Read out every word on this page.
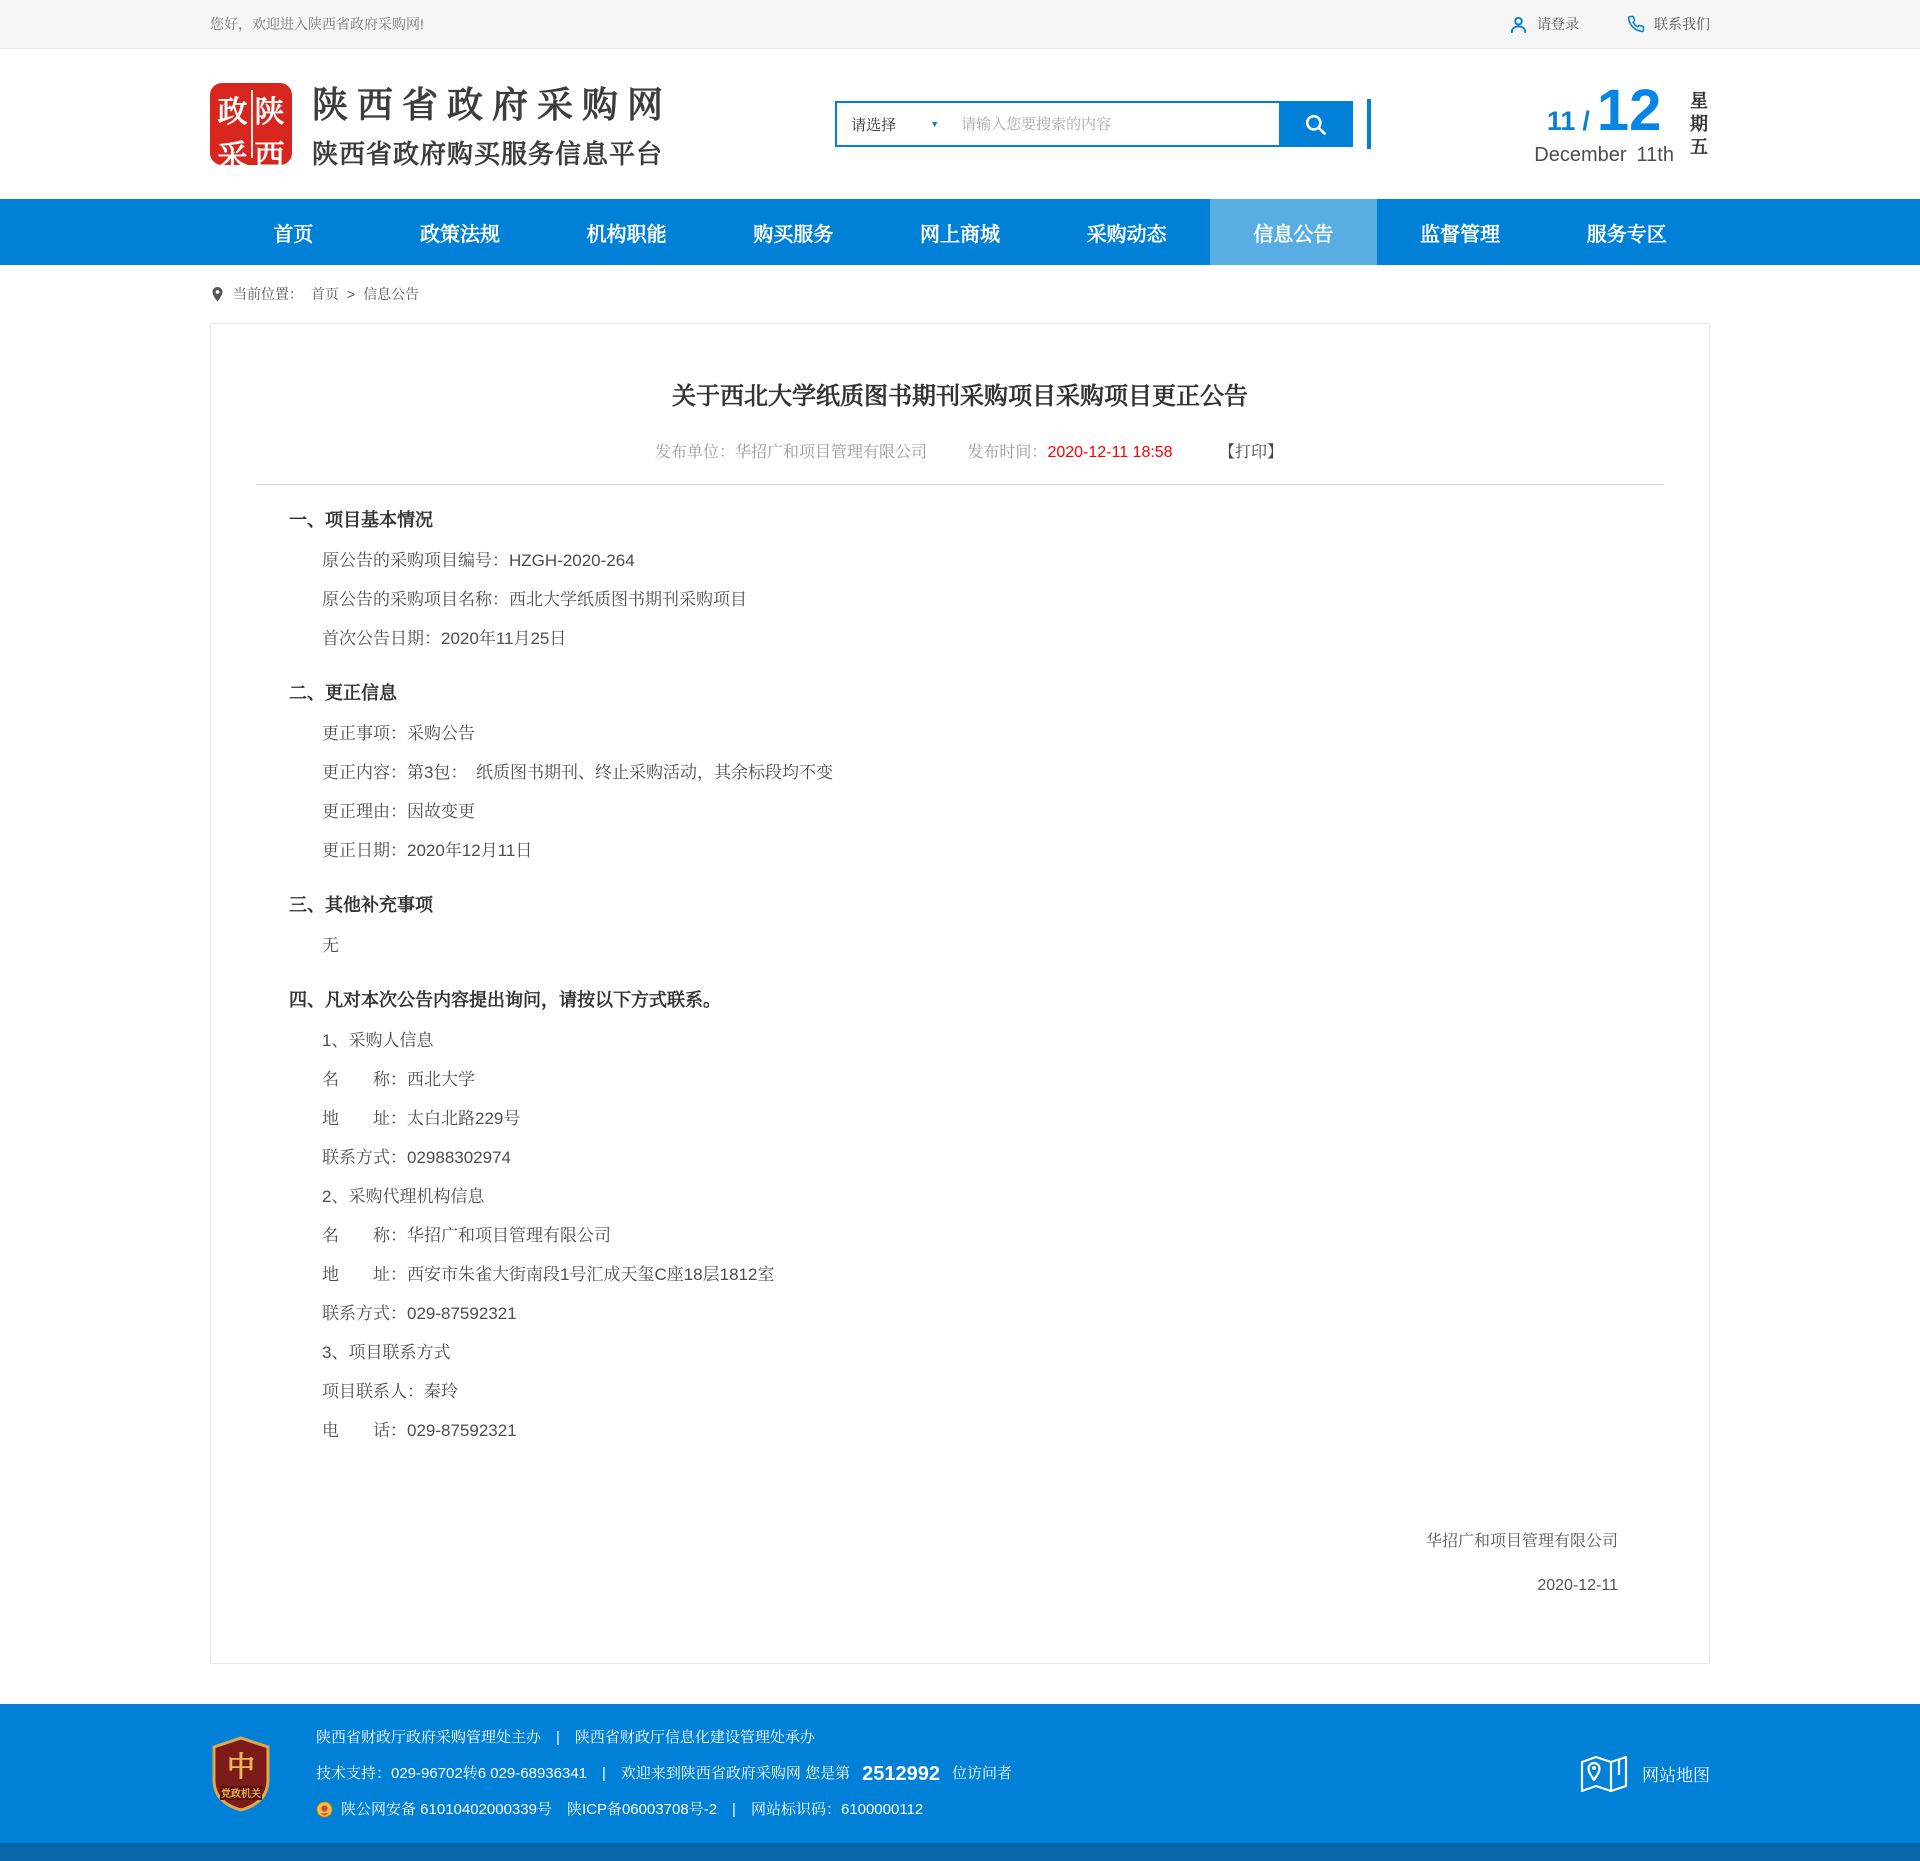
您好，欢迎进入陕西省政府采购网!	请登录	联系我们
政 陕
采 西
陕西省政府采购网
陕西省政府购买服务信息平台
请选择	▼
请输入您要搜索的内容	11 / 12
December 11th
星期五
首页	政策法规	机构职能	购买服务	网上商城	采购动态	信息公告	监督管理	服务专区
当前位置： 首页 > 信息公告
关于西北大学纸质图书期刊采购项目采购项目更正公告
发布单位：华招广和项目管理有限公司	发布时间：2020-12-11 18:58	【打印】
一、项目基本情况
原公告的采购项目编号：HZGH-2020-264
原公告的采购项目名称：西北大学纸质图书期刊采购项目
首次公告日期：2020年11月25日
二、更正信息
更正事项：采购公告
更正内容：第3包：　纸质图书期刊、终止采购活动，其余标段均不变
更正理由：因故变更
更正日期：2020年12月11日
三、其他补充事项
无
四、凡对本次公告内容提出询问，请按以下方式联系。
1、采购人信息
名　　称：西北大学
地　　址：太白北路229号
联系方式：02988302974
2、采购代理机构信息
名　　称：华招广和项目管理有限公司
地　　址：西安市朱雀大街南段1号汇成天玺C座18层1812室
联系方式：029-87592321
3、项目联系方式
项目联系人：秦玲
电　　话：029-87592321
华招广和项目管理有限公司
2020-12-11
中
党政机关
陕西省财政厅政府采购管理处主办　|　陕西省财政厅信息化建设管理处承办
技术支持：029-96702转6 029-68936341　|　欢迎来到陕西省政府采购网 您是第 2512992 位访问者
陕公网安备 61010402000339号　陕ICP备06003708号-2　|　网站标识码：6100000112
网站地图
